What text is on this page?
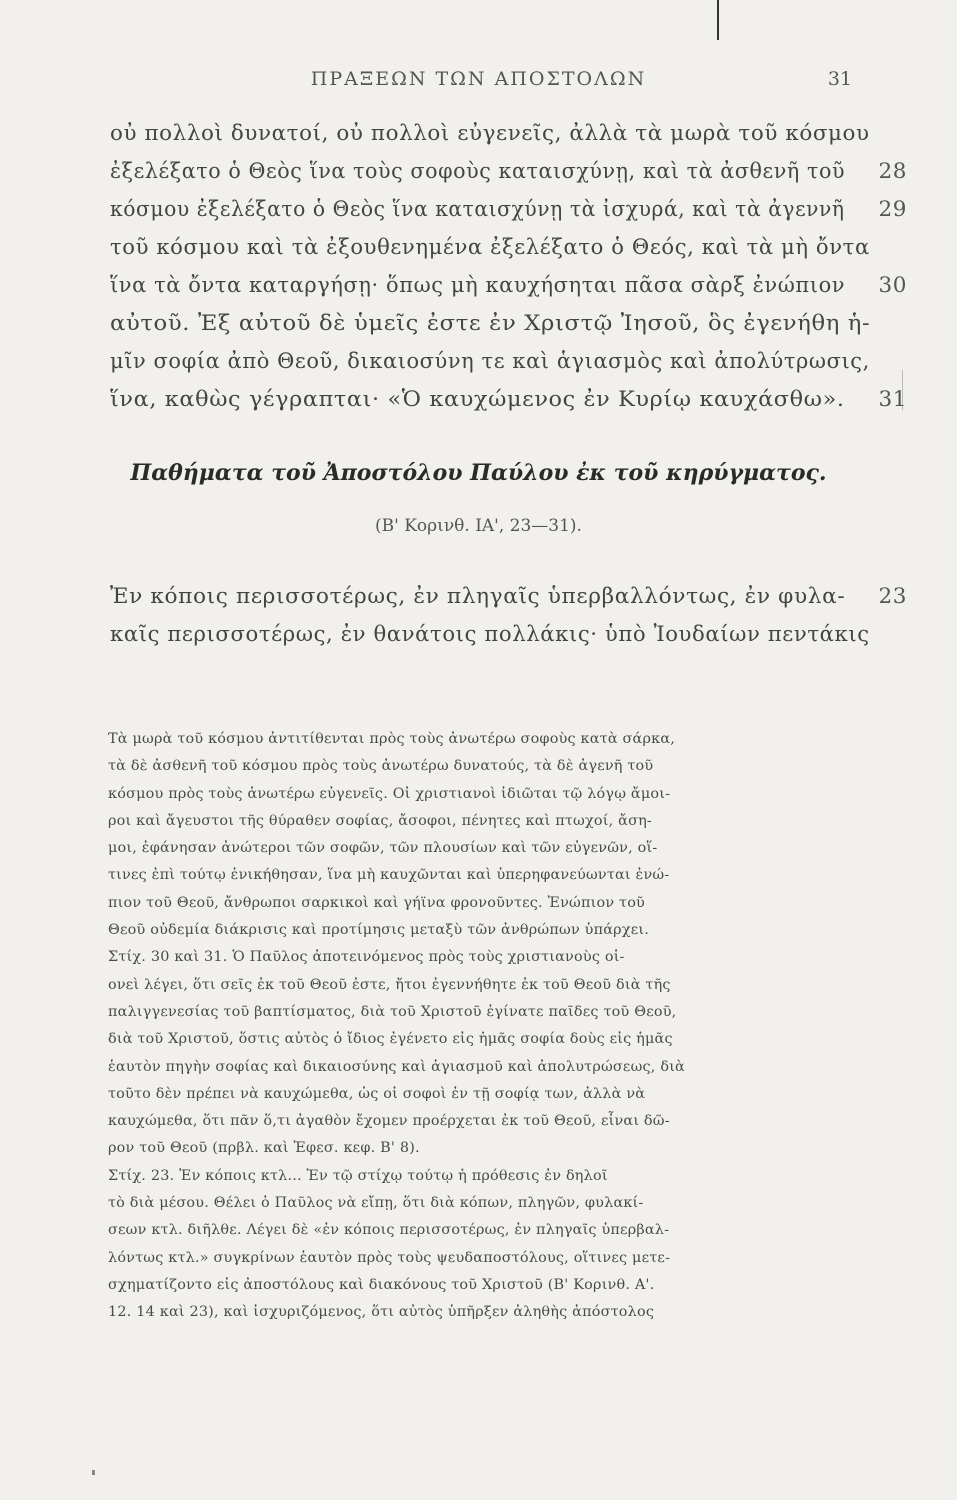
ΠΡΑΞΕΩΝ ΤΩΝ ΑΠΟΣΤΟΛΩΝ	31
οὐ πολλοὶ δυνατοί, οὐ πολλοὶ εὐγενεῖς, ἀλλὰ τὰ μωρὰ τοῦ κόσμου
ἐξελέξατο ὁ Θεὸς ἵνα τοὺς σοφοὺς καταισχύνῃ, καὶ τὰ ἀσθενῆ τοῦ 28
κόσμου ἐξελέξατο ὁ Θεὸς ἵνα καταισχύνῃ τὰ ἰσχυρά, καὶ τὰ ἀγεννῆ 29
τοῦ κόσμου καὶ τὰ ἐξουθενημένα ἐξελέξατο ὁ Θεός, καὶ τὰ μὴ ὄντα
ἵνα τὰ ὄντα καταργήσῃ· ὅπως μὴ καυχήσηται πᾶσα σὰρξ ἐνώπιον 30
αὐτοῦ. Ἐξ αὐτοῦ δὲ ὑμεῖς ἐστε ἐν Χριστῷ Ἰησοῦ, ὃς ἐγενήθη ἡ-
μῖν σοφία ἀπὸ Θεοῦ, δικαιοσύνη τε καὶ ἁγιασμὸς καὶ ἀπολύτρωσις,
ἵνα, καθὼς γέγραπται· «Ὁ καυχώμενος ἐν Κυρίῳ καυχάσθω». 31
Παθήματα τοῦ Ἀποστόλου Παύλου ἐκ τοῦ κηρύγματος.
(Β' Κορινθ. ΙΑ', 23—31).
Ἐν κόποις περισσοτέρως, ἐν πληγαῖς ὑπερβαλλόντως, ἐν φυλα- 23
καῖς περισσοτέρως, ἐν θανάτοις πολλάκις· ὑπὸ Ἰουδαίων πεντάκις
Τὰ μωρὰ τοῦ κόσμου ἀντιτίθενται πρὸς τοὺς ἀνωτέρω σοφοὺς κατὰ σάρκα,
τὰ δὲ ἀσθενῆ τοῦ κόσμου πρὸς τοὺς ἀνωτέρω δυνατούς, τὰ δὲ ἀγενῆ τοῦ
κόσμου πρὸς τοὺς ἀνωτέρω εὐγενεῖς. Οἱ χριστιανοὶ ἰδιῶται τῷ λόγῳ ἄμοι-
ροι καὶ ἄγευστοι τῆς θύραθεν σοφίας, ἄσοφοι, πένητες καὶ πτωχοί, ἄση-
μοι, ἐφάνησαν ἀνώτεροι τῶν σοφῶν, τῶν πλουσίων καὶ τῶν εὐγενῶν, οἵ-
τινες ἐπὶ τούτῳ ἐνικήθησαν, ἵνα μὴ καυχῶνται καὶ ὑπερηφανεύωνται ἐνώ-
πιον τοῦ Θεοῦ, ἄνθρωποι σαρκικοὶ καὶ γήϊνα φρονοῦντες. Ἐνώπιον τοῦ
Θεοῦ οὐδεμία διάκρισις καὶ προτίμησις μεταξὺ τῶν ἀνθρώπων ὑπάρχει.
Στίχ. 30 καὶ 31. Ὁ Παῦλος ἀποτεινόμενος πρὸς τοὺς χριστιανοὺς οἱ-
ονεὶ λέγει, ὅτι σεῖς ἐκ τοῦ Θεοῦ ἐστε, ἤτοι ἐγεννήθητε ἐκ τοῦ Θεοῦ διὰ τῆς
παλιγγενεσίας τοῦ βαπτίσματος, διὰ τοῦ Χριστοῦ ἐγίνατε παῖδες τοῦ Θεοῦ,
διὰ τοῦ Χριστοῦ, ὅστις αὐτὸς ὁ ἴδιος ἐγένετο εἰς ἡμᾶς σοφία δοὺς εἰς ἡμᾶς
ἑαυτὸν πηγὴν σοφίας καὶ δικαιοσύνης καὶ ἁγιασμοῦ καὶ ἀπολυτρώσεως, διὰ
τοῦτο δὲν πρέπει νὰ καυχώμεθα, ὡς οἱ σοφοὶ ἐν τῇ σοφίᾳ των, ἀλλὰ νὰ
καυχώμεθα, ὅτι πᾶν ὅ,τι ἀγαθὸν ἔχομεν προέρχεται ἐκ τοῦ Θεοῦ, εἶναι δῶ-
ρον τοῦ Θεοῦ (πρβλ. καὶ Ἐφεσ. κεφ. Β' 8).
Στίχ. 23. Ἐν κόποις κτλ... Ἐν τῷ στίχῳ τούτῳ ἡ πρόθεσις ἐν δηλοῖ
τὸ διὰ μέσου. Θέλει ὁ Παῦλος νὰ εἴπῃ, ὅτι διὰ κόπων, πληγῶν, φυλακί-
σεων κτλ. διῆλθε. Λέγει δὲ «ἐν κόποις περισσοτέρως, ἐν πληγαῖς ὑπερβαλ-
λόντως κτλ.» συγκρίνων ἑαυτὸν πρὸς τοὺς ψευδαποστόλους, οἵτινες μετε-
σχηματίζοντο εἰς ἀποστόλους καὶ διακόνους τοῦ Χριστοῦ (Β' Κορινθ. Α'.
12. 14 καὶ 23), καὶ ἰσχυριζόμενος, ὅτι αὐτὸς ὑπῆρξεν ἀληθὴς ἀπόστολος
